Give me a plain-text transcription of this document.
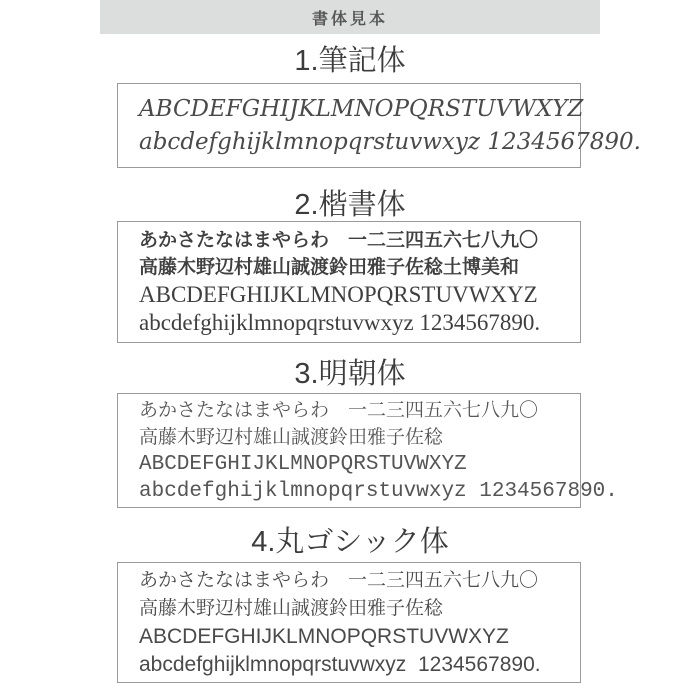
書体見本
1.筆記体
ABCDEFGHIJKLMNOPQRSTUVWXYZ
abcdefghijklmnopqrstuvwxyz 1234567890.
2.楷書体
あかさたなはまやらわ　一二三四五六七八九〇
高藤木野辺村雄山誠渡鈴田雅子佐稔土博美和
ABCDEFGHIJKLMNOPQRSTUVWXYZ
abcdefghijklmnopqrstuvwxyz 1234567890.
3.明朝体
あかさたなはまやらわ　一二三四五六七八九〇
高藤木野辺村雄山誠渡鈴田雅子佐稔
ABCDEFGHIJKLMNOPQRSTUVWXYZ
abcdefghijklmnopqrstuvwxyz 1234567890.
4.丸ゴシック体
あかさたなはまやらわ　一二三四五六七八九〇
高藤木野辺村雄山誠渡鈴田雅子佐稔
ABCDEFGHIJKLMNOPQRSTUVWXYZ
abcdefghijklmnopqrstuvwxyz  1234567890.
